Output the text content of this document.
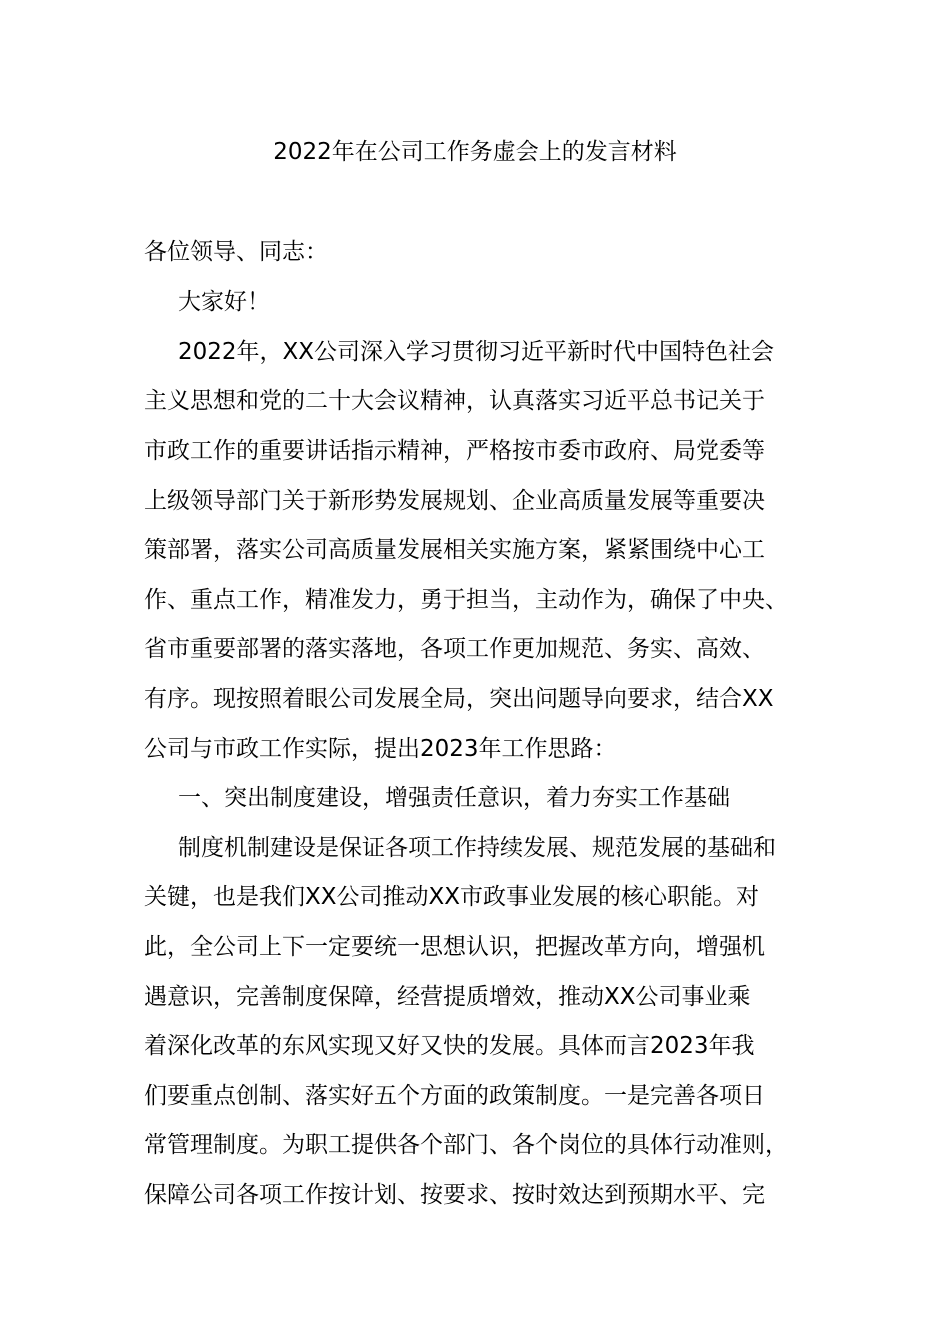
2022年在公司工作务虚会上的发言材料
各位领导、同志：
大家好！
2022年，XX公司深入学习贯彻习近平新时代中国特色社会
主义思想和党的二十大会议精神，认真落实习近平总书记关于
市政工作的重要讲话指示精神，严格按市委市政府、局党委等
上级领导部门关于新形势发展规划、企业高质量发展等重要决
策部署，落实公司高质量发展相关实施方案，紧紧围绕中心工
作、重点工作，精准发力，勇于担当，主动作为，确保了中央、
省市重要部署的落实落地，各项工作更加规范、务实、高效、
有序。现按照着眼公司发展全局，突出问题导向要求，结合XX
公司与市政工作实际，提出2023年工作思路：
一、突出制度建设，增强责任意识，着力夯实工作基础
制度机制建设是保证各项工作持续发展、规范发展的基础和
关键，也是我们XX公司推动XX市政事业发展的核心职能。对
此，全公司上下一定要统一思想认识，把握改革方向，增强机
遇意识，完善制度保障，经营提质增效，推动XX公司事业乘
着深化改革的东风实现又好又快的发展。具体而言2023年我
们要重点创制、落实好五个方面的政策制度。一是完善各项日
常管理制度。为职工提供各个部门、各个岗位的具体行动准则，
保障公司各项工作按计划、按要求、按时效达到预期水平、完
